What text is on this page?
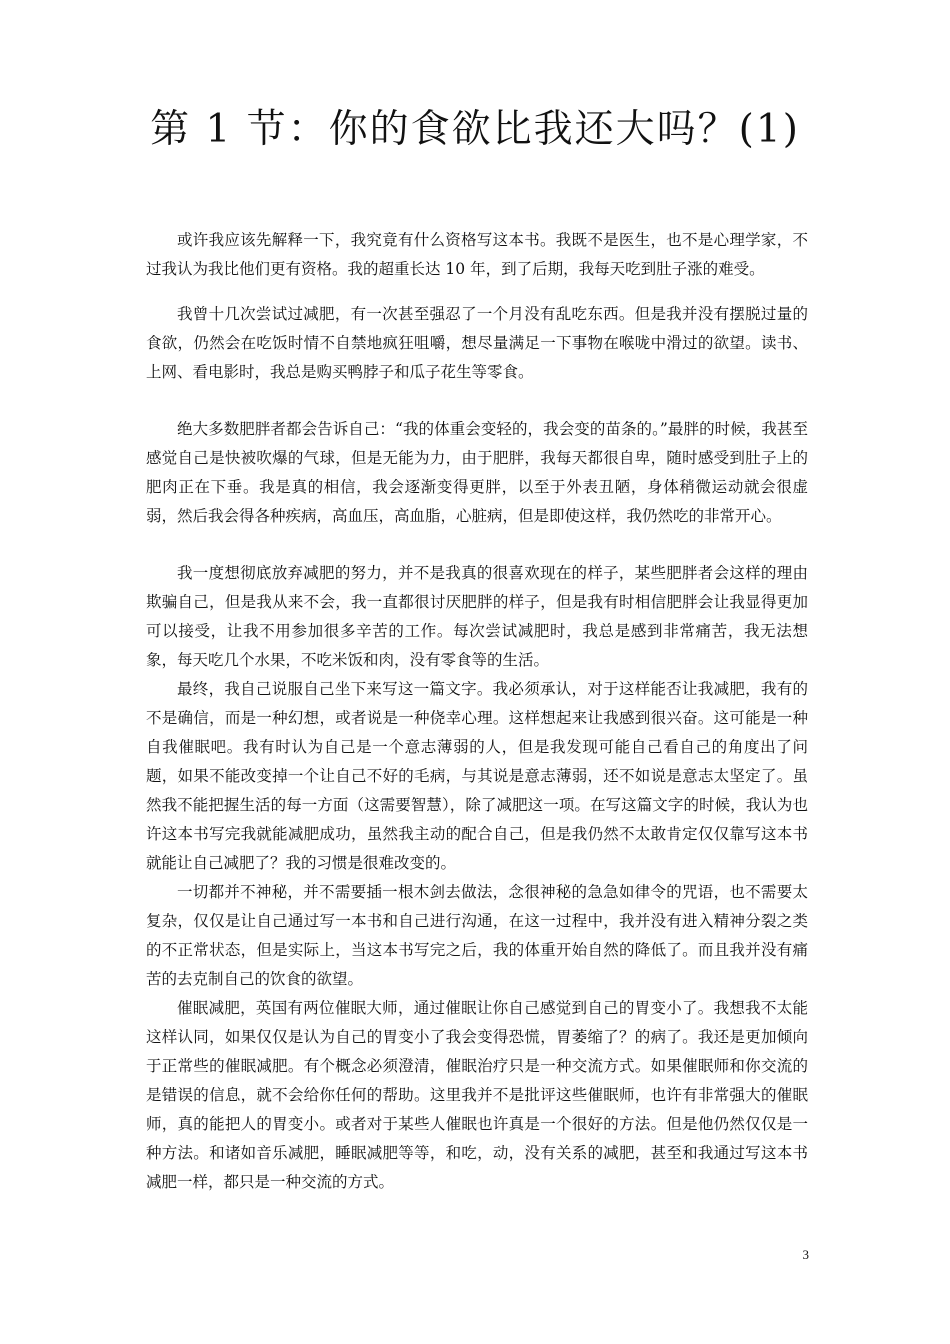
第 1 节：你的食欲比我还大吗？(1)

或许我应该先解释一下，我究竟有什么资格写这本书。我既不是医生，也不是心理学家，不过我认为我比他们更有资格。我的超重长达 10 年，到了后期，我每天吃到肚子涨的难受。

我曾十几次尝试过减肥，有一次甚至强忍了一个月没有乱吃东西。但是我并没有摆脱过量的食欲，仍然会在吃饭时情不自禁地疯狂咀嚼，想尽量满足一下事物在喉咙中滑过的欲望。读书、上网、看电影时，我总是购买鸭脖子和瓜子花生等零食。

绝大多数肥胖者都会告诉自己：“我的体重会变轻的，我会变的苗条的。”最胖的时候，我甚至感觉自己是快被吹爆的气球，但是无能为力，由于肥胖，我每天都很自卑，随时感受到肚子上的肥肉正在下垂。我是真的相信，我会逐渐变得更胖，以至于外表丑陋，身体稍微运动就会很虚弱，然后我会得各种疾病，高血压，高血脂，心脏病，但是即使这样，我仍然吃的非常开心。

我一度想彻底放弃减肥的努力，并不是我真的很喜欢现在的样子，某些肥胖者会这样的理由欺骗自己，但是我从来不会，我一直都很讨厌肥胖的样子，但是我有时相信肥胖会让我显得更加可以接受，让我不用参加很多辛苦的工作。每次尝试减肥时，我总是感到非常痛苦，我无法想象，每天吃几个水果，不吃米饭和肉，没有零食等的生活。

最终，我自己说服自己坐下来写这一篇文字。我必须承认，对于这样能否让我减肥，我有的不是确信，而是一种幻想，或者说是一种侥幸心理。这样想起来让我感到很兴奋。这可能是一种自我催眠吧。我有时认为自己是一个意志薄弱的人，但是我发现可能自己看自己的角度出了问题，如果不能改变掉一个让自己不好的毛病，与其说是意志薄弱，还不如说是意志太坚定了。虽然我不能把握生活的每一方面（这需要智慧），除了减肥这一项。在写这篇文字的时候，我认为也许这本书写完我就能减肥成功，虽然我主动的配合自己，但是我仍然不太敢肯定仅仅靠写这本书就能让自己减肥了？我的习惯是很难改变的。

一切都并不神秘，并不需要插一根木剑去做法，念很神秘的急急如律令的咒语，也不需要太复杂，仅仅是让自己通过写一本书和自己进行沟通，在这一过程中，我并没有进入精神分裂之类的不正常状态，但是实际上，当这本书写完之后，我的体重开始自然的降低了。而且我并没有痛苦的去克制自己的饮食的欲望。

催眠减肥，英国有两位催眠大师，通过催眠让你自己感觉到自己的胃变小了。我想我不太能这样认同，如果仅仅是认为自己的胃变小了我会变得恐慌，胃萎缩了？的病了。我还是更加倾向于正常些的催眠减肥。有个概念必须澄清，催眠治疗只是一种交流方式。如果催眠师和你交流的是错误的信息，就不会给你任何的帮助。这里我并不是批评这些催眠师，也许有非常强大的催眠师，真的能把人的胃变小。或者对于某些人催眠也许真是一个很好的方法。但是他仍然仅仅是一种方法。和诸如音乐减肥，睡眠减肥等等，和吃，动，没有关系的减肥，甚至和我通过写这本书减肥一样，都只是一种交流的方式。

3
